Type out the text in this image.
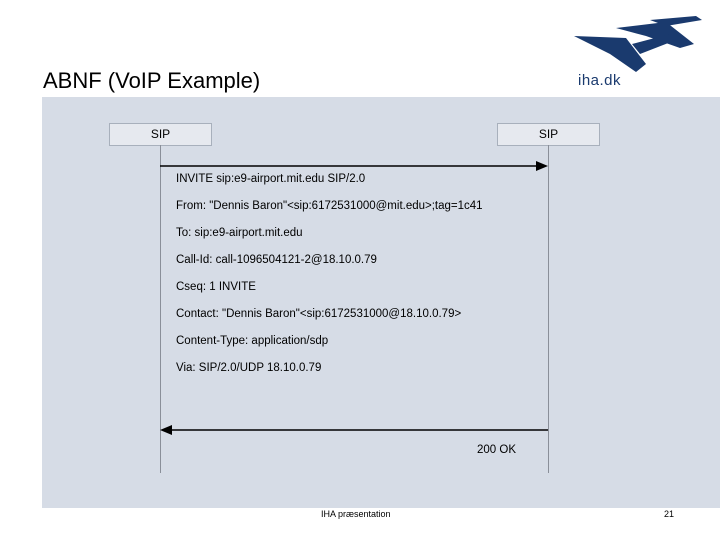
ABNF (VoIP Example)	iha.dk
SIP	SIP
INVITE sip:e9-airport.mit.edu SIP/2.0
From: "Dennis Baron"<sip:6172531000@mit.edu>;tag=1c41
To: sip:e9-airport.mit.edu
Call-Id: call-1096504121-2@18.10.0.79
Cseq: 1 INVITE
Contact: "Dennis Baron"<sip:6172531000@18.10.0.79>
Content-Type: application/sdp
Via: SIP/2.0/UDP 18.10.0.79
200 OK
IHA præsentation	21
